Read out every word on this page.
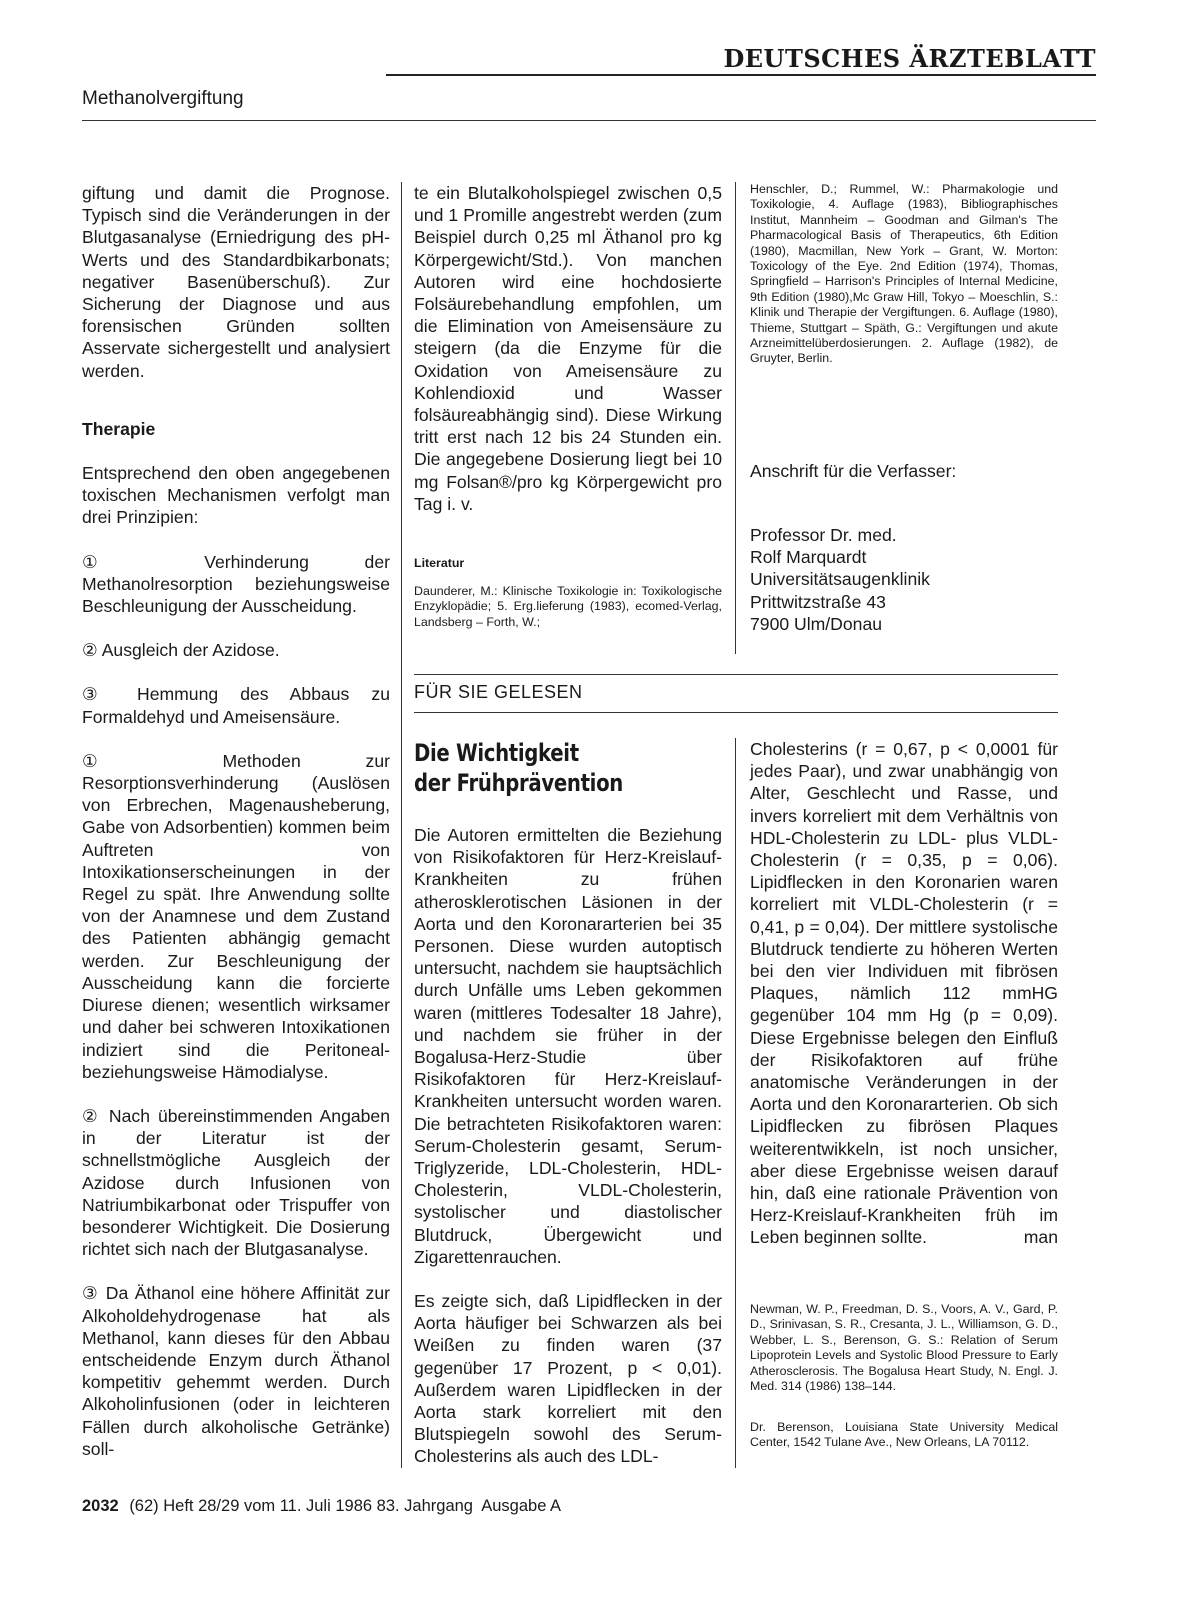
DEUTSCHES ÄRZTEBLATT
Methanolvergiftung

giftung und damit die Prognose. Typisch sind die Veränderungen in der Blutgasanalyse (Erniedrigung des pH-Werts und des Standardbikarbonats; negativer Basenüberschuß). Zur Sicherung der Diagnose und aus forensischen Gründen sollten Asservate sichergestellt und analysiert werden.

Therapie

Entsprechend den oben angegebenen toxischen Mechanismen verfolgt man drei Prinzipien:

① Verhinderung der Methanolresorption beziehungsweise Beschleunigung der Ausscheidung.

② Ausgleich der Azidose.

③ Hemmung des Abbaus zu Formaldehyd und Ameisensäure.

① Methoden zur Resorptionsverhinderung (Auslösen von Erbrechen, Magenausheberung, Gabe von Adsorbentien) kommen beim Auftreten von Intoxikationserscheinungen in der Regel zu spät. Ihre Anwendung sollte von der Anamnese und dem Zustand des Patienten abhängig gemacht werden. Zur Beschleunigung der Ausscheidung kann die forcierte Diurese dienen; wesentlich wirksamer und daher bei schweren Intoxikationen indiziert sind die Peritoneal- beziehungsweise Hämodialyse.

② Nach übereinstimmenden Angaben in der Literatur ist der schnellstmögliche Ausgleich der Azidose durch Infusionen von Natriumbikarbonat oder Trispuffer von besonderer Wichtigkeit. Die Dosierung richtet sich nach der Blutgasanalyse.

③ Da Äthanol eine höhere Affinität zur Alkoholdehydrogenase hat als Methanol, kann dieses für den Abbau entscheidende Enzym durch Äthanol kompetitiv gehemmt werden. Durch Alkoholinfusionen (oder in leichteren Fällen durch alkoholische Getränke) soll-

te ein Blutalkoholspiegel zwischen 0,5 und 1 Promille angestrebt werden (zum Beispiel durch 0,25 ml Äthanol pro kg Körpergewicht/Std.). Von manchen Autoren wird eine hochdosierte Folsäurebehandlung empfohlen, um die Elimination von Ameisensäure zu steigern (da die Enzyme für die Oxidation von Ameisensäure zu Kohlendioxid und Wasser folsäureabhängig sind). Diese Wirkung tritt erst nach 12 bis 24 Stunden ein. Die angegebene Dosierung liegt bei 10 mg Folsan®/pro kg Körpergewicht pro Tag i. v.

Literatur
Daunderer, M.: Klinische Toxikologie in: Toxikologische Enzyklopädie; 5. Erg.lieferung (1983), ecomed-Verlag, Landsberg – Forth, W.;
Henschler, D.; Rummel, W.: Pharmakologie und Toxikologie, 4. Auflage (1983), Bibliographisches Institut, Mannheim – Goodman and Gilman's The Pharmacological Basis of Therapeutics, 6th Edition (1980), Macmillan, New York – Grant, W. Morton: Toxicology of the Eye. 2nd Edition (1974), Thomas, Springfield – Harrison's Principles of Internal Medicine, 9th Edition (1980),Mc Graw Hill, Tokyo – Moeschlin, S.: Klinik und Therapie der Vergiftungen. 6. Auflage (1980), Thieme, Stuttgart – Späth, G.: Vergiftungen und akute Arzneimittelüberdosierungen. 2. Auflage (1982), de Gruyter, Berlin.
Anschrift für die Verfasser:
Professor Dr. med.
Rolf Marquardt
Universitätsaugenklinik
Prittwitzstraße 43
7900 Ulm/Donau
FÜR SIE GELESEN
Die Wichtigkeit
der Frühprävention

Die Autoren ermittelten die Beziehung von Risikofaktoren für Herz-Kreislauf-Krankheiten zu frühen atherosklerotischen Läsionen in der Aorta und den Koronararterien bei 35 Personen. Diese wurden autoptisch untersucht, nachdem sie hauptsächlich durch Unfälle ums Leben gekommen waren (mittleres Todesalter 18 Jahre), und nachdem sie früher in der Bogalusa-Herz-Studie über Risikofaktoren für Herz-Kreislauf-Krankheiten untersucht worden waren. Die betrachteten Risikofaktoren waren: Serum-Cholesterin gesamt, Serum-Triglyzeride, LDL-Cholesterin, HDL-Cholesterin, VLDL-Cholesterin, systolischer und diastolischer Blutdruck, Übergewicht und Zigarettenrauchen.

Es zeigte sich, daß Lipidflecken in der Aorta häufiger bei Schwarzen als bei Weißen zu finden waren (37 gegenüber 17 Prozent, p < 0,01). Außerdem waren Lipidflecken in der Aorta stark korreliert mit den Blutspiegeln sowohl des Serum-Cholesterins als auch des LDL-

Cholesterins (r = 0,67, p < 0,0001 für jedes Paar), und zwar unabhängig von Alter, Geschlecht und Rasse, und invers korreliert mit dem Verhältnis von HDL-Cholesterin zu LDL- plus VLDL-Cholesterin (r = 0,35, p = 0,06). Lipidflecken in den Koronarien waren korreliert mit VLDL-Cholesterin (r = 0,41, p = 0,04). Der mittlere systolische Blutdruck tendierte zu höheren Werten bei den vier Individuen mit fibrösen Plaques, nämlich 112 mmHG gegenüber 104 mm Hg (p = 0,09). Diese Ergebnisse belegen den Einfluß der Risikofaktoren auf frühe anatomische Veränderungen in der Aorta und den Koronararterien. Ob sich Lipidflecken zu fibrösen Plaques weiterentwikkeln, ist noch unsicher, aber diese Ergebnisse weisen darauf hin, daß eine rationale Prävention von Herz-Kreislauf-Krankheiten früh im Leben beginnen sollte.	man

Newman, W. P., Freedman, D. S., Voors, A. V., Gard, P. D., Srinivasan, S. R., Cresanta, J. L., Williamson, G. D., Webber, L. S., Berenson, G. S.: Relation of Serum Lipoprotein Levels and Systolic Blood Pressure to Early Atherosclerosis. The Bogalusa Heart Study, N. Engl. J. Med. 314 (1986) 138–144.
Dr. Berenson, Louisiana State University Medical Center, 1542 Tulane Ave., New Orleans, LA 70112.
2032 (62) Heft 28/29 vom 11. Juli 1986 83. Jahrgang  Ausgabe A
